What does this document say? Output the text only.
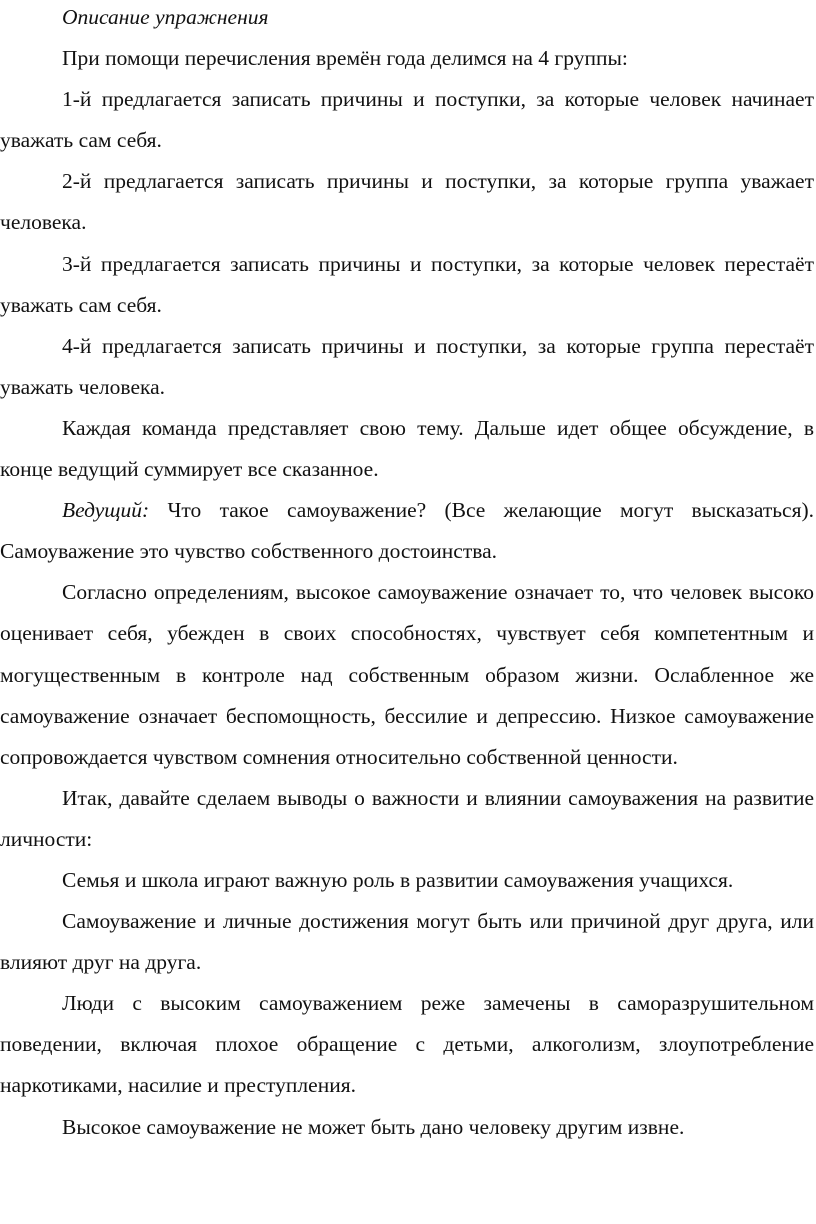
Описание упражнения

При помощи перечисления времён года делимся на 4 группы:

1-й предлагается записать причины и поступки, за которые человек начинает уважать сам себя.

2-й предлагается записать причины и поступки, за которые группа уважает человека.

3-й предлагается записать причины и поступки, за которые человек перестаёт уважать сам себя.

4-й предлагается записать причины и поступки, за которые группа перестаёт уважать человека.

Каждая команда представляет свою тему. Дальше идет общее обсуждение, в конце ведущий суммирует все сказанное.

Ведущий: Что такое самоуважение? (Все желающие могут высказаться). Самоуважение это чувство собственного достоинства.

Согласно определениям, высокое самоуважение означает то, что человек высоко оценивает себя, убежден в своих способностях, чувствует себя компетентным и могущественным в контроле над собственным образом жизни. Ослабленное же самоуважение означает беспомощность, бессилие и депрессию. Низкое самоуважение сопровождается чувством сомнения относительно собственной ценности.

Итак, давайте сделаем выводы о важности и влиянии самоуважения на развитие личности:

Семья и школа играют важную роль в развитии самоуважения учащихся.

Самоуважение и личные достижения могут быть или причиной друг друга, или влияют друг на друга.

Люди с высоким самоуважением реже замечены в саморазрушительном поведении, включая плохое обращение с детьми, алкоголизм, злоупотребление наркотиками, насилие и преступления.

Высокое самоуважение не может быть дано человеку другим извне.
